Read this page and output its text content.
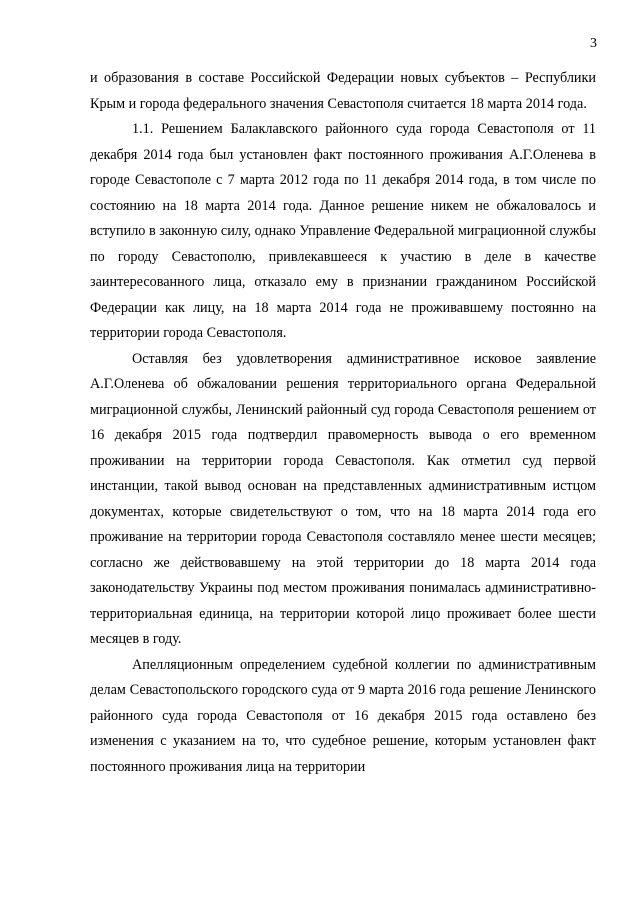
3

и образования в составе Российской Федерации новых субъектов – Республики Крым и города федерального значения Севастополя считается 18 марта 2014 года.

1.1. Решением Балаклавского районного суда города Севастополя от 11 декабря 2014 года был установлен факт постоянного проживания А.Г.Оленева в городе Севастополе с 7 марта 2012 года по 11 декабря 2014 года, в том числе по состоянию на 18 марта 2014 года. Данное решение никем не обжаловалось и вступило в законную силу, однако Управление Федеральной миграционной службы по городу Севастополю, привлекавшееся к участию в деле в качестве заинтересованного лица, отказало ему в признании гражданином Российской Федерации как лицу, на 18 марта 2014 года не проживавшему постоянно на территории города Севастополя.

Оставляя без удовлетворения административное исковое заявление А.Г.Оленева об обжаловании решения территориального органа Федеральной миграционной службы, Ленинский районный суд города Севастополя решением от 16 декабря 2015 года подтвердил правомерность вывода о его временном проживании на территории города Севастополя. Как отметил суд первой инстанции, такой вывод основан на представленных административным истцом документах, которые свидетельствуют о том, что на 18 марта 2014 года его проживание на территории города Севастополя составляло менее шести месяцев; согласно же действовавшему на этой территории до 18 марта 2014 года законодательству Украины под местом проживания понималась административно-территориальная единица, на территории которой лицо проживает более шести месяцев в году.

Апелляционным определением судебной коллегии по административным делам Севастопольского городского суда от 9 марта 2016 года решение Ленинского районного суда города Севастополя от 16 декабря 2015 года оставлено без изменения с указанием на то, что судебное решение, которым установлен факт постоянного проживания лица на территории
